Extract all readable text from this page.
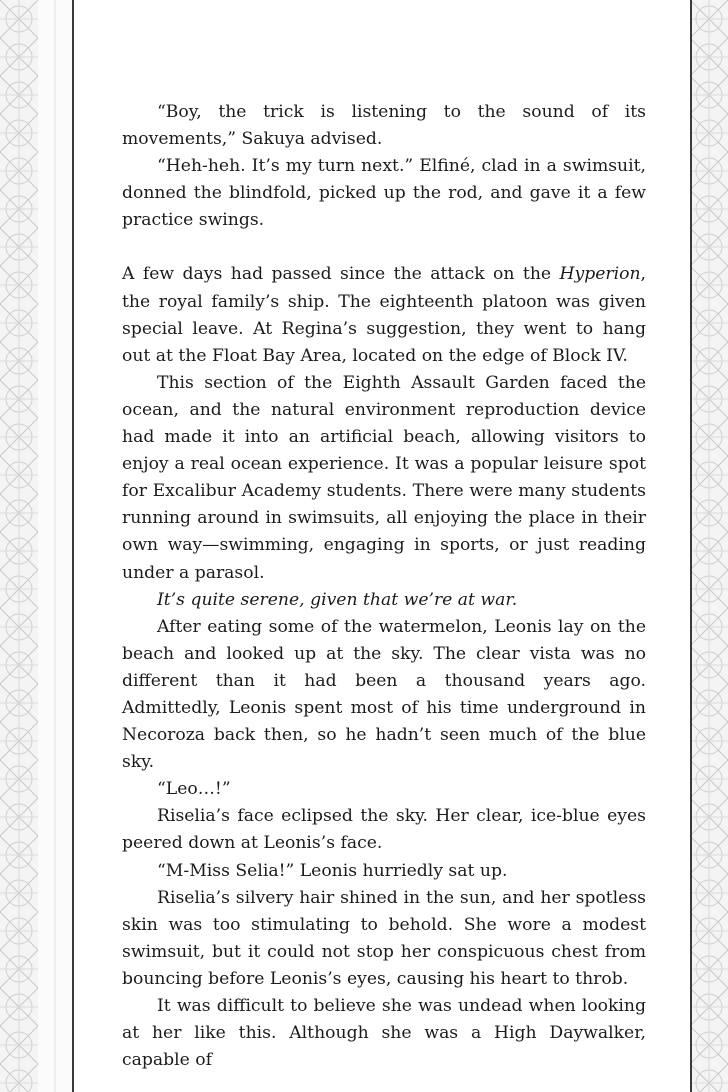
“Boy, the trick is listening to the sound of its movements,” Sakuya advised.

“Heh-heh. It’s my turn next.” Elfiné, clad in a swimsuit, donned the blindfold, picked up the rod, and gave it a few practice swings.

A few days had passed since the attack on the Hyperion, the royal family’s ship. The eighteenth platoon was given special leave. At Regina’s suggestion, they went to hang out at the Float Bay Area, located on the edge of Block IV.

This section of the Eighth Assault Garden faced the ocean, and the natural environment reproduction device had made it into an artificial beach, allowing visitors to enjoy a real ocean experience. It was a popular leisure spot for Excalibur Academy students. There were many students running around in swimsuits, all enjoying the place in their own way—swimming, engaging in sports, or just reading under a parasol.

It’s quite serene, given that we’re at war.

After eating some of the watermelon, Leonis lay on the beach and looked up at the sky. The clear vista was no different than it had been a thousand years ago. Admittedly, Leonis spent most of his time underground in Necoroza back then, so he hadn’t seen much of the blue sky.

“Leo…!”

Riselia’s face eclipsed the sky. Her clear, ice-blue eyes peered down at Leonis’s face.

“M-Miss Selia!” Leonis hurriedly sat up.

Riselia’s silvery hair shined in the sun, and her spotless skin was too stimulating to behold. She wore a modest swimsuit, but it could not stop her conspicuous chest from bouncing before Leonis’s eyes, causing his heart to throb.

It was difficult to believe she was undead when looking at her like this. Although she was a High Daywalker, capable of
